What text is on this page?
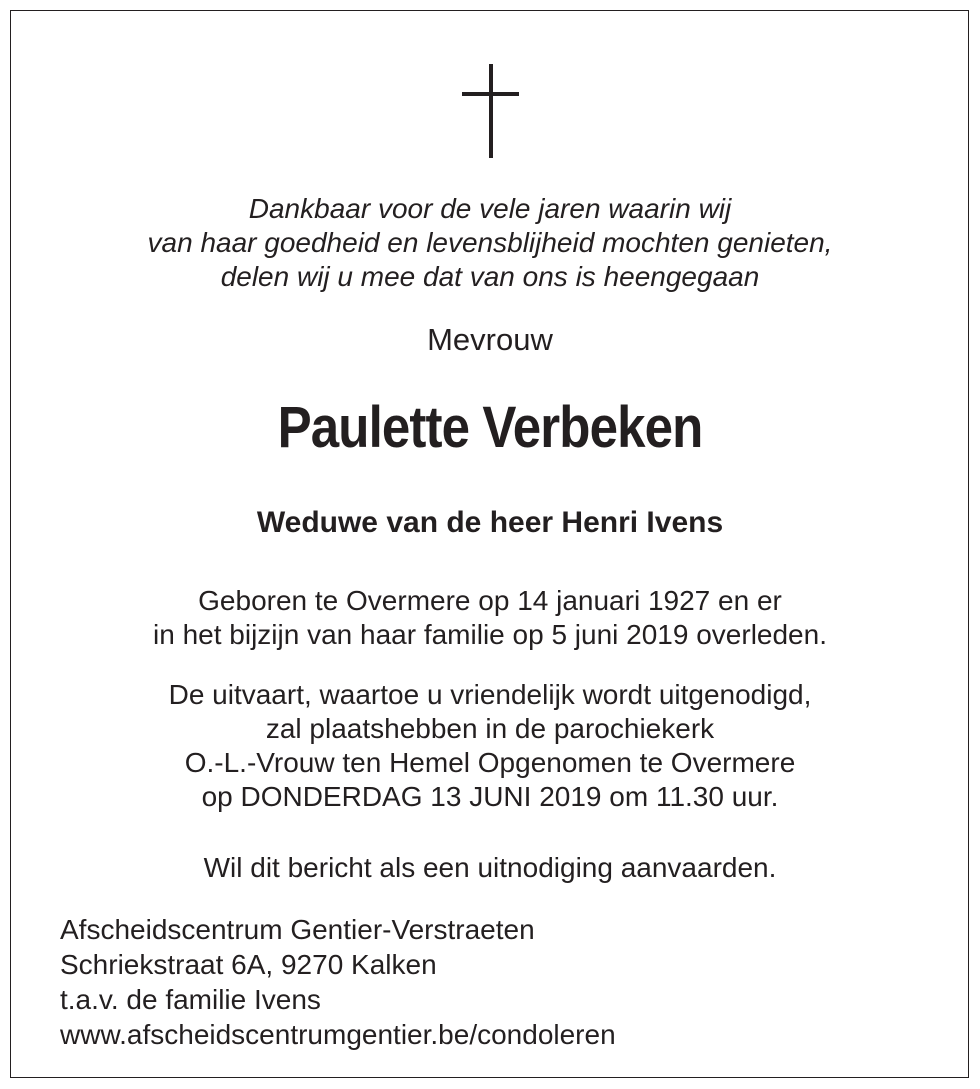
Dankbaar voor de vele jaren waarin wij
van haar goedheid en levensblijheid mochten genieten,
delen wij u mee dat van ons is heengegaan
Mevrouw
Paulette Verbeken
Weduwe van de heer Henri Ivens
Geboren te Overmere op 14 januari 1927 en er
in het bijzijn van haar familie op 5 juni 2019 overleden.
De uitvaart, waartoe u vriendelijk wordt uitgenodigd,
zal plaatshebben in de parochiekerk
O.-L.-Vrouw ten Hemel Opgenomen te Overmere
op DONDERDAG 13 JUNI 2019 om 11.30 uur.
Wil dit bericht als een uitnodiging aanvaarden.
Afscheidscentrum Gentier-Verstraeten
Schriekstraat 6A, 9270 Kalken
t.a.v. de familie Ivens
www.afscheidscentrumgentier.be/condoleren
